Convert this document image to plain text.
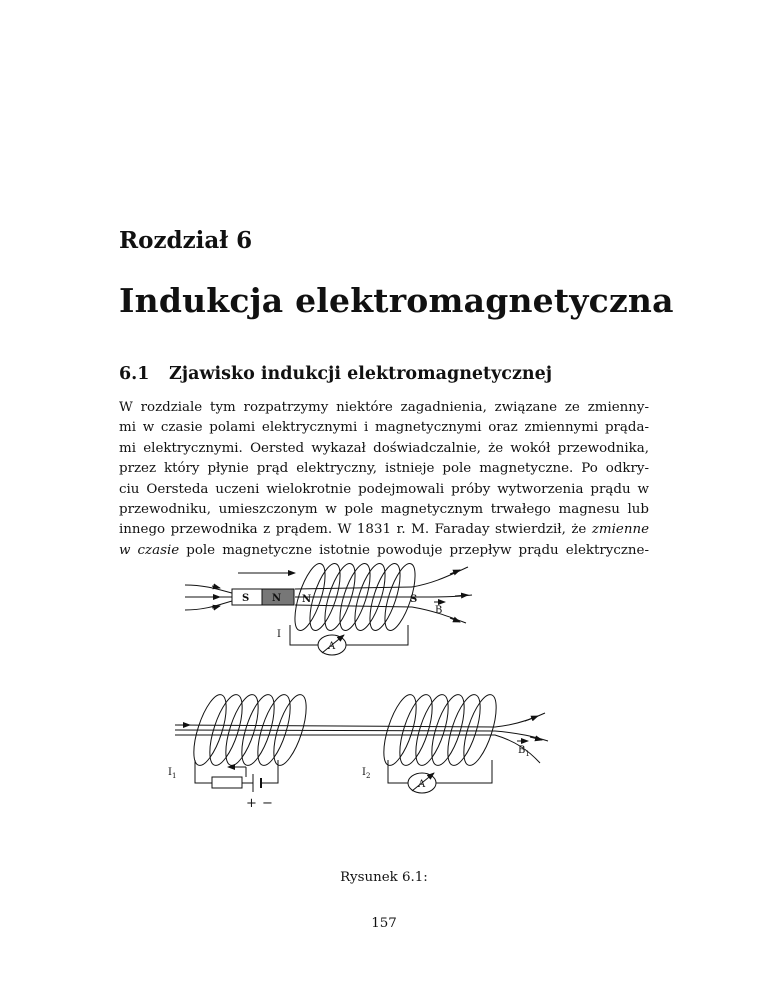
Rozdział 6
Indukcja elektromagnetyczna
6.1 Zjawisko indukcji elektromagnetycznej
W rozdziale tym rozpatrzymy niektóre zagadnienia, związane ze zmienny-
mi w czasie polami elektrycznymi i magnetycznymi oraz zmiennymi prąda-
mi elektrycznymi. Oersted wykazał doświadczalnie, że wokół przewodnika,
przez który płynie prąd elektryczny, istnieje pole magnetyczne. Po odkry-
ciu Oersteda uczeni wielokrotnie podejmowali próby wytworzenia prądu w
przewodniku, umieszczonym w pole magnetycznym trwałego magnesu lub
innego przewodnika z prądem. W 1831 r. M. Faraday stwierdził, że zmienne
w czasie pole magnetyczne istotnie powoduje przepływ prądu elektryczne-
S N N	S
B
I
A
$B_1$
$I_1$
+ −
A
$I_2$
Rysunek 6.1:
157
